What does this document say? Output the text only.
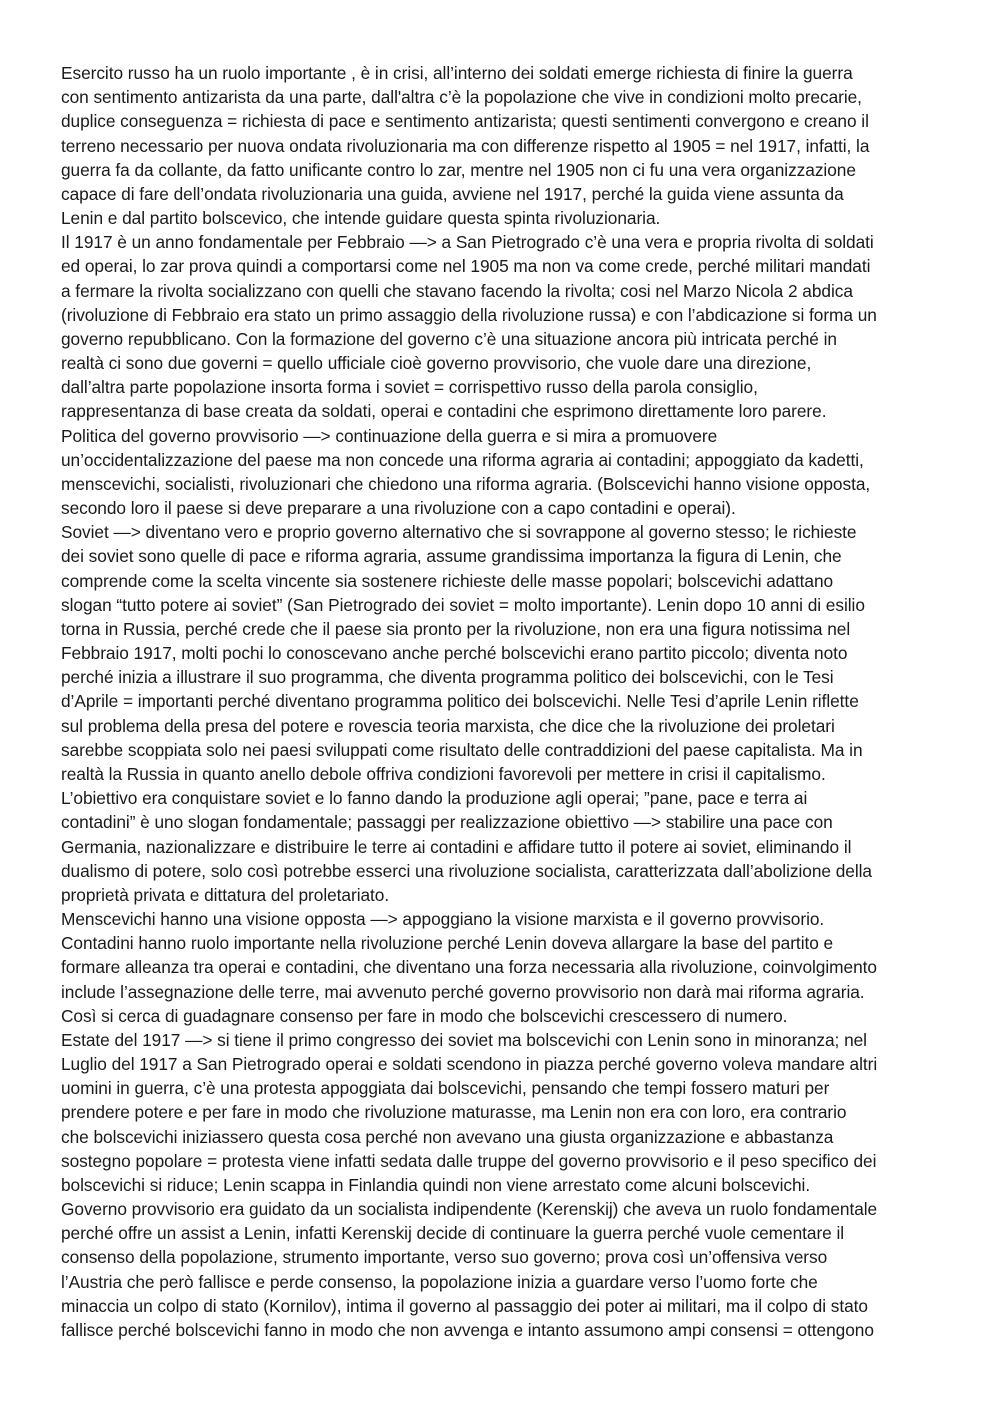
Esercito russo ha un ruolo importante , è in crisi, all’interno dei soldati emerge richiesta di finire la guerra
con sentimento antizarista da una parte, dall'altra c’è la popolazione che vive in condizioni molto precarie,
duplice conseguenza = richiesta di pace e sentimento antizarista; questi sentimenti convergono e creano il
terreno necessario per nuova ondata rivoluzionaria ma con differenze rispetto al 1905 = nel 1917, infatti, la
guerra fa da collante, da fatto unificante contro lo zar, mentre nel 1905 non ci fu una vera organizzazione
capace di fare dell’ondata rivoluzionaria una guida, avviene nel 1917, perché la guida viene assunta da
Lenin e dal partito bolscevico, che intende guidare questa spinta rivoluzionaria.
Il 1917 è un anno fondamentale per Febbraio —> a San Pietrogrado c’è una vera e propria rivolta di soldati
ed operai, lo zar prova quindi a comportarsi come nel 1905 ma non va come crede, perché militari mandati
a fermare la rivolta socializzano con quelli che stavano facendo la rivolta; cosi nel Marzo Nicola 2 abdica
(rivoluzione di Febbraio era stato un primo assaggio della rivoluzione russa) e con l’abdicazione si forma un
governo repubblicano. Con la formazione del governo c’è una situazione ancora più intricata perché in
realtà ci sono due governi = quello ufficiale cioè governo provvisorio, che vuole dare una direzione,
dall’altra parte popolazione insorta forma i soviet = corrispettivo russo della parola consiglio,
rappresentanza di base creata da soldati, operai e contadini che esprimono direttamente loro parere.
Politica del governo provvisorio —> continuazione della guerra e si mira a promuovere
un’occidentalizzazione del paese ma non concede una riforma agraria ai contadini; appoggiato da kadetti,
menscevichi, socialisti, rivoluzionari che chiedono una riforma agraria. (Bolscevichi hanno visione opposta,
secondo loro il paese si deve preparare a una rivoluzione con a capo contadini e operai).
Soviet —> diventano vero e proprio governo alternativo che si sovrappone al governo stesso; le richieste
dei soviet sono quelle di pace e riforma agraria, assume grandissima importanza la figura di Lenin, che
comprende come la scelta vincente sia sostenere richieste delle masse popolari; bolscevichi adattano
slogan “tutto potere ai soviet” (San Pietrogrado dei soviet = molto importante). Lenin dopo 10 anni di esilio
torna in Russia, perché crede che il paese sia pronto per la rivoluzione, non era una figura notissima nel
Febbraio 1917, molti pochi lo conoscevano anche perché bolscevichi erano partito piccolo; diventa noto
perché inizia a illustrare il suo programma, che diventa programma politico dei bolscevichi, con le Tesi
d’Aprile = importanti perché diventano programma politico dei bolscevichi. Nelle Tesi d’aprile Lenin riflette
sul problema della presa del potere e rovescia teoria marxista, che dice che la rivoluzione dei proletari
sarebbe scoppiata solo nei paesi sviluppati come risultato delle contraddizioni del paese capitalista. Ma in
realtà la Russia in quanto anello debole offriva condizioni favorevoli per mettere in crisi il capitalismo.
L’obiettivo era conquistare soviet e lo fanno dando la produzione agli operai; ”pane, pace e terra ai
contadini” è uno slogan fondamentale; passaggi per realizzazione obiettivo —> stabilire una pace con
Germania, nazionalizzare e distribuire le terre ai contadini e affidare tutto il potere ai soviet, eliminando il
dualismo di potere, solo così potrebbe esserci una rivoluzione socialista, caratterizzata dall’abolizione della
proprietà privata e dittatura del proletariato.
Menscevichi hanno una visione opposta —> appoggiano la visione marxista e il governo provvisorio.
Contadini hanno ruolo importante nella rivoluzione perché Lenin doveva allargare la base del partito e
formare alleanza tra operai e contadini, che diventano una forza necessaria alla rivoluzione, coinvolgimento
include l’assegnazione delle terre, mai avvenuto perché governo provvisorio non darà mai riforma agraria.
Così si cerca di guadagnare consenso per fare in modo che bolscevichi crescessero di numero.
Estate del 1917 —> si tiene il primo congresso dei soviet ma bolscevichi con Lenin sono in minoranza; nel
Luglio del 1917 a San Pietrogrado operai e soldati scendono in piazza perché governo voleva mandare altri
uomini in guerra, c’è una protesta appoggiata dai bolscevichi, pensando che tempi fossero maturi per
prendere potere e per fare in modo che rivoluzione maturasse, ma Lenin non era con loro, era contrario
che bolscevichi iniziassero questa cosa perché non avevano una giusta organizzazione e abbastanza
sostegno popolare = protesta viene infatti sedata dalle truppe del governo provvisorio e il peso specifico dei
bolscevichi si riduce; Lenin scappa in Finlandia quindi non viene arrestato come alcuni bolscevichi.
Governo provvisorio era guidato da un socialista indipendente (Kerenskij) che aveva un ruolo fondamentale
perché offre un assist a Lenin, infatti Kerenskij decide di continuare la guerra perché vuole cementare il
consenso della popolazione, strumento importante, verso suo governo; prova così un’offensiva verso
l’Austria che però fallisce e perde consenso, la popolazione inizia a guardare verso l’uomo forte che
minaccia un colpo di stato (Kornilov), intima il governo al passaggio dei poter ai militari, ma il colpo di stato
fallisce perché bolscevichi fanno in modo che non avvenga e intanto assumono ampi consensi = ottengono
